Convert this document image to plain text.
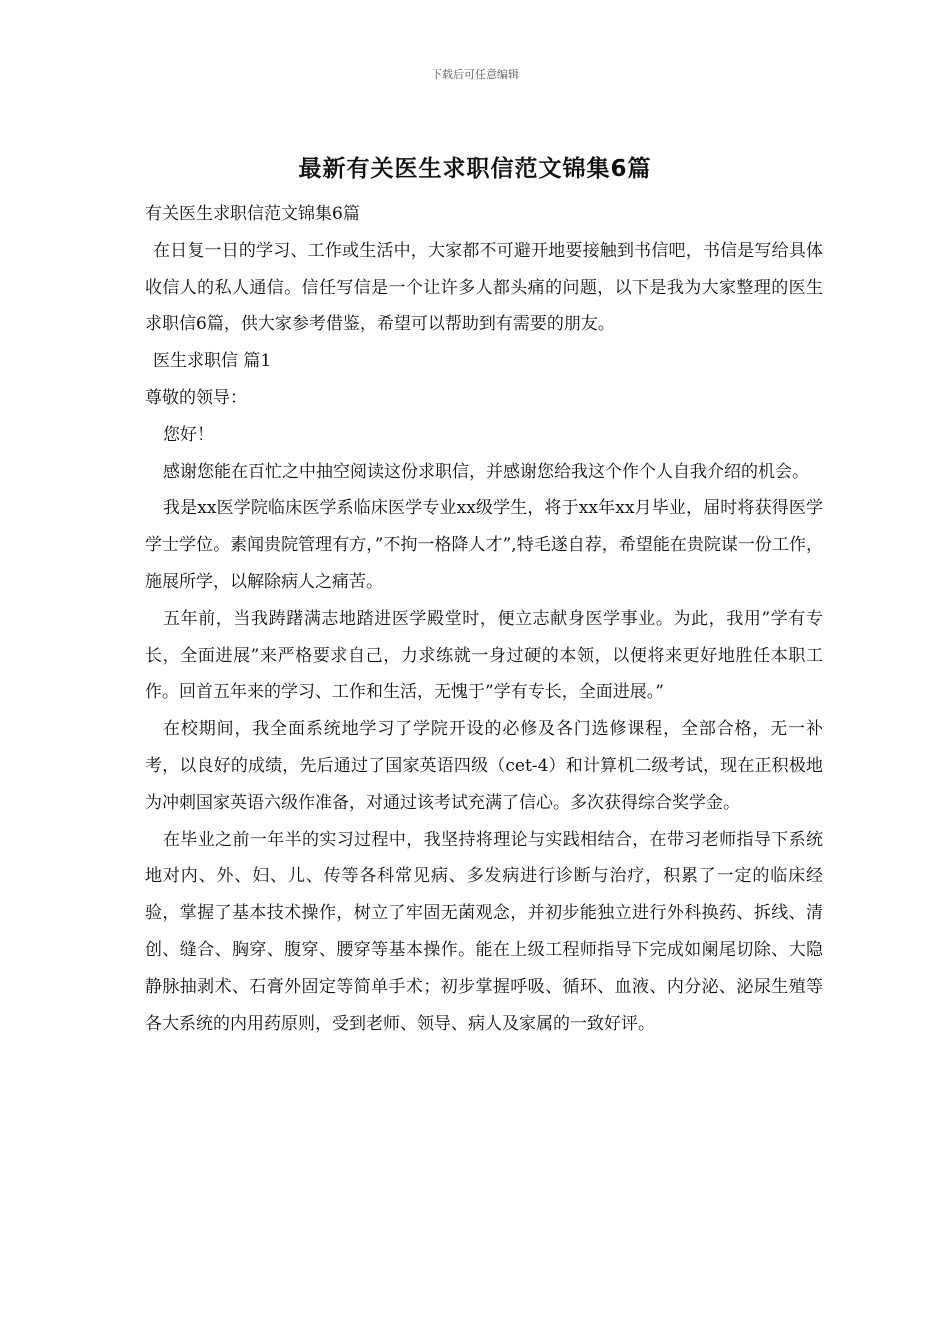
下载后可任意编辑
最新有关医生求职信范文锦集6篇

有关医生求职信范文锦集6篇

在日复一日的学习、工作或生活中，大家都不可避开地要接触到书信吧，书信是写给具体收信人的私人通信。信任写信是一个让许多人都头痛的问题，以下是我为大家整理的医生求职信6篇，供大家参考借鉴，希望可以帮助到有需要的朋友。

医生求职信 篇1

尊敬的领导：

您好！

感谢您能在百忙之中抽空阅读这份求职信，并感谢您给我这个作个人自我介绍的机会。

我是xx医学院临床医学系临床医学专业xx级学生，将于xx年xx月毕业，届时将获得医学学士学位。素闻贵院管理有方，”不拘一格降人才”,特毛遂自荐，希望能在贵院谋一份工作，施展所学，以解除病人之痛苦。

五年前，当我踌躇满志地踏进医学殿堂时，便立志献身医学事业。为此，我用”学有专长，全面进展”来严格要求自己，力求练就一身过硬的本领，以便将来更好地胜任本职工作。回首五年来的学习、工作和生活，无愧于”学有专长，全面进展。”

在校期间，我全面系统地学习了学院开设的必修及各门选修课程，全部合格，无一补考，以良好的成绩，先后通过了国家英语四级（cet-4）和计算机二级考试，现在正积极地为冲刺国家英语六级作准备，对通过该考试充满了信心。多次获得综合奖学金。

在毕业之前一年半的实习过程中，我坚持将理论与实践相结合，在带习老师指导下系统地对内、外、妇、儿、传等各科常见病、多发病进行诊断与治疗，积累了一定的临床经验，掌握了基本技术操作，树立了牢固无菌观念，并初步能独立进行外科换药、拆线、清创、缝合、胸穿、腹穿、腰穿等基本操作。能在上级工程师指导下完成如阑尾切除、大隐静脉抽剥术、石膏外固定等简单手术；初步掌握呼吸、循环、血液、内分泌、泌尿生殖等各大系统的内用药原则，受到老师、领导、病人及家属的一致好评。
